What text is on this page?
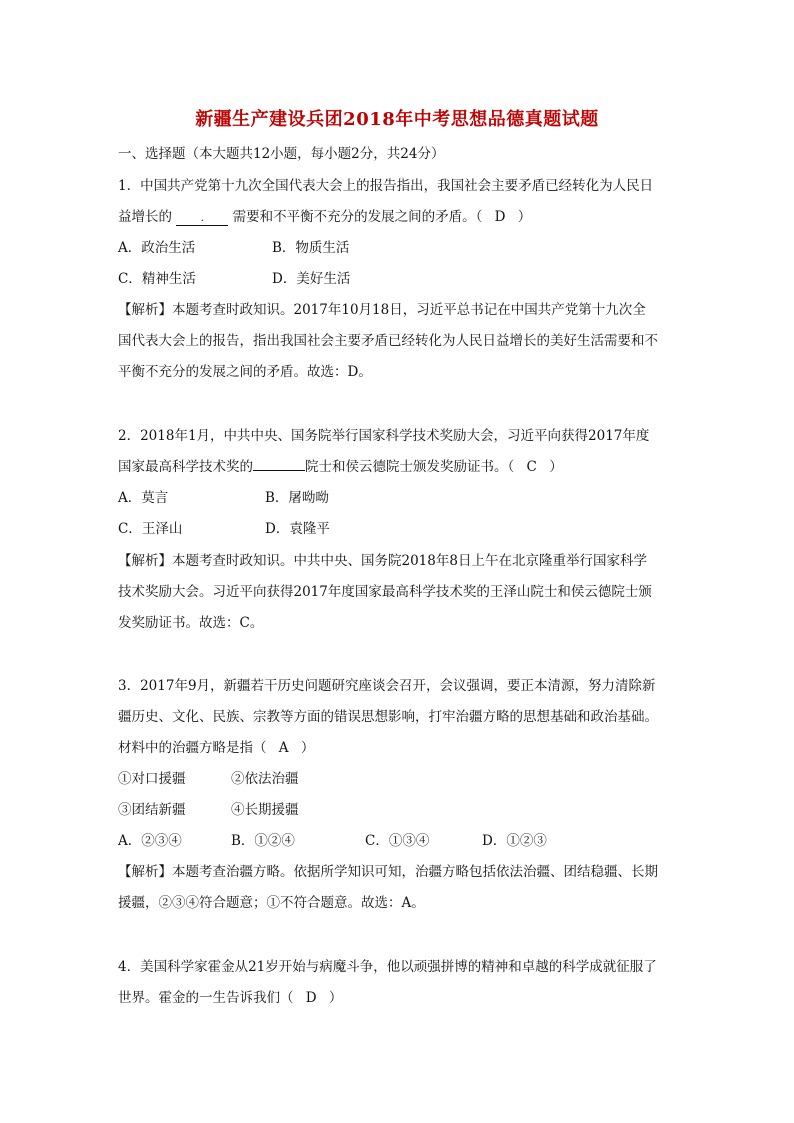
新疆生产建设兵团2018年中考思想品德真题试题
一、选择题（本大题共12小题，每小题2分，共24分）
1．中国共产党第十九次全国代表大会上的报告指出，我国社会主要矛盾已经转化为人民日
益增长的	. 需要和不平衡不充分的发展之间的矛盾。（ D ）
A．政治生活	B．物质生活
C．精神生活	D．美好生活
【解析】本题考查时政知识。2017年10月18日，习近平总书记在中国共产党第十九次全
国代表大会上的报告，指出我国社会主要矛盾已经转化为人民日益增长的美好生活需要和不
平衡不充分的发展之间的矛盾。故选：D。
2．2018年1月，中共中央、国务院举行国家科学技术奖励大会，习近平向获得2017年度
国家最高科学技术奖的	院士和侯云德院士颁发奖励证书。（ C ）
A．莫言	B．屠呦呦
C．王泽山	D．袁隆平
【解析】本题考查时政知识。中共中央、国务院2018年8日上午在北京隆重举行国家科学
技术奖励大会。习近平向获得2017年度国家最高科学技术奖的王泽山院士和侯云德院士颁
发奖励证书。故选：C。
3．2017年9月，新疆若干历史问题研究座谈会召开，会议强调，要正本清源，努力清除新
疆历史、文化、民族、宗教等方面的错误思想影响，打牢治疆方略的思想基础和政治基础。
材料中的治疆方略是指（ A ）
①对口援疆	②依法治疆
③团结新疆	④长期援疆
A．②③④	B．①②④	C．①③④	D．①②③
【解析】本题考查治疆方略。依据所学知识可知，治疆方略包括依法治疆、团结稳疆、长期
援疆，②③④符合题意；①不符合题意。故选：A。
4．美国科学家霍金从21岁开始与病魔斗争，他以顽强拼博的精神和卓越的科学成就征服了
世界。霍金的一生告诉我们（ D ）
